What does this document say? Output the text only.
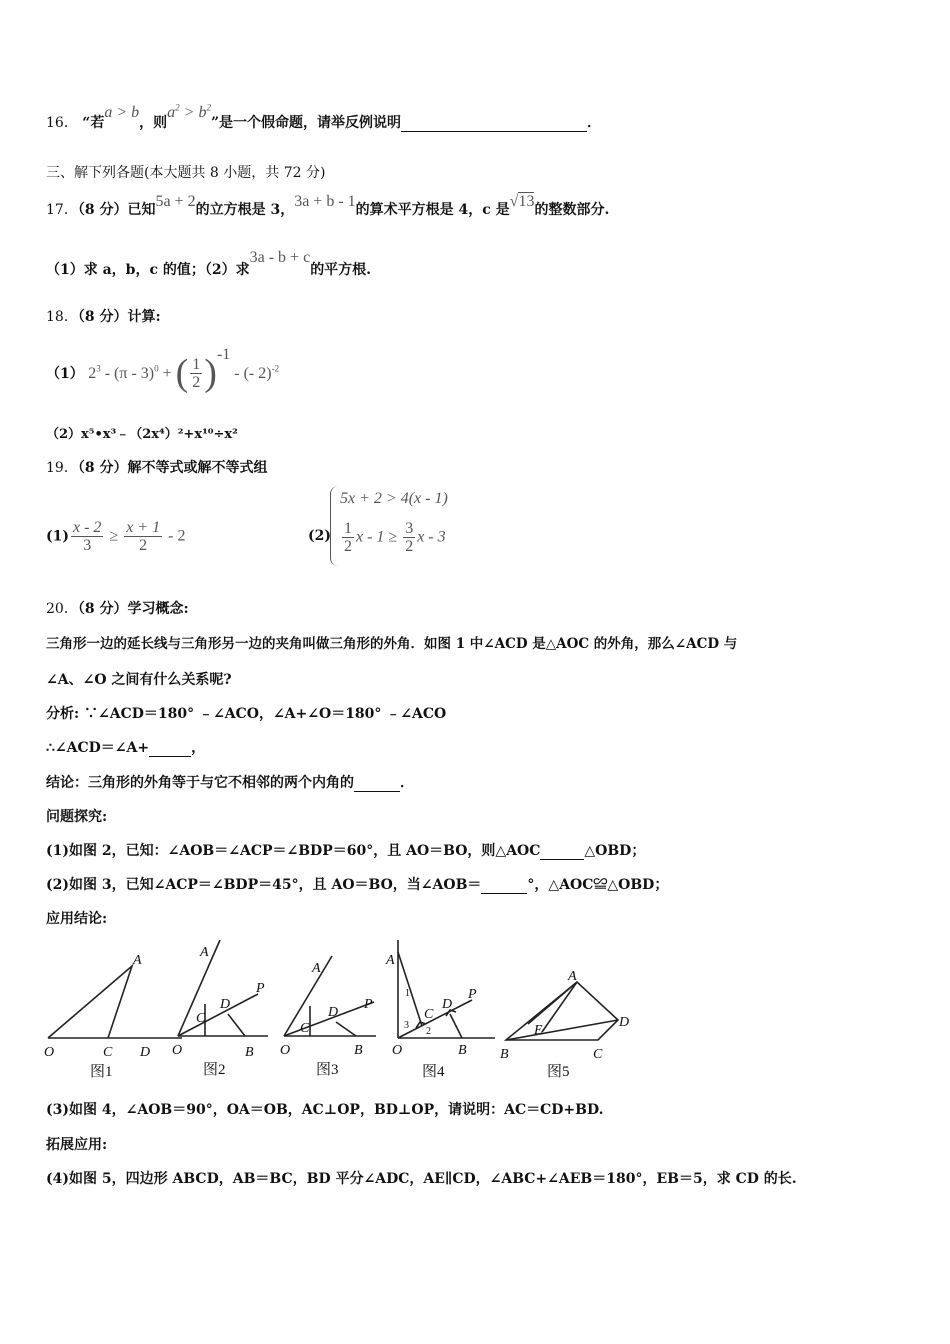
16． “若a > b，则$a^2 > b^2$”是一个假命题，请举反例说明	．
三、解下列各题(本大题共 8 小题，共 72 分)
17．（8 分）已知5a + 2的立方根是 3，3a + b - 1的算术平方根是 4，c 是√13的整数部分.
（1）求 a，b，c 的值；（2）求3a - b + c的平方根.
18．（8 分）计算:
（1） $2^3 - (\pi - 3)^0$ + ( $\frac{1}{2} )^{-1}$ - (- 2)$^{-2}$
（2）x⁵•x³﹣（2x⁴）²+x¹⁰÷x²
19．（8 分）解不等式或解不等式组
$(1) \frac{x - 2}{3} \ge \frac{x + 1}{2} - 2$	(2)
5x + 2 > 4(x - 1)
$\frac{1}{2}$ $x - 1 \ge \frac{3}{2}$ x - 3
20．（8 分）学习概念:
三角形一边的延长线与三角形另一边的夹角叫做三角形的外角．如图 1 中∠ACD 是△AOC 的外角，那么∠ACD 与
∠A、∠O 之间有什么关系呢?
分析: ∵∠ACD＝180° ﹣∠ACO，∠A+∠O＝180° ﹣∠ACO
∴∠ACD＝∠A+	，
结论：三角形的外角等于与它不相邻的两个内角的	．
问题探究:
(1)如图 2，已知：∠AOB＝∠ACP＝∠BDP＝60°，且 AO＝BO，则△AOC	△OBD；
(2)如图 3，已知∠ACP＝∠BDP＝45°，且 AO＝BO，当∠AOB＝	°，△AOC≌△OBD；
应用结论:
A
O	C D
图1
A
O
C
D
P
B
图2
A
O
C
D
P
B
图3
A
O
C
D
P
B
1
2
3
图4
A
B	C
D
E
图5
(3)如图 4，∠AOB＝90°，OA＝OB，AC⊥OP，BD⊥OP，请说明：AC＝CD+BD.
拓展应用:
(4)如图 5，四边形 ABCD，AB＝BC，BD 平分∠ADC，AE∥CD，∠ABC+∠AEB＝180°，EB＝5，求 CD 的长.
